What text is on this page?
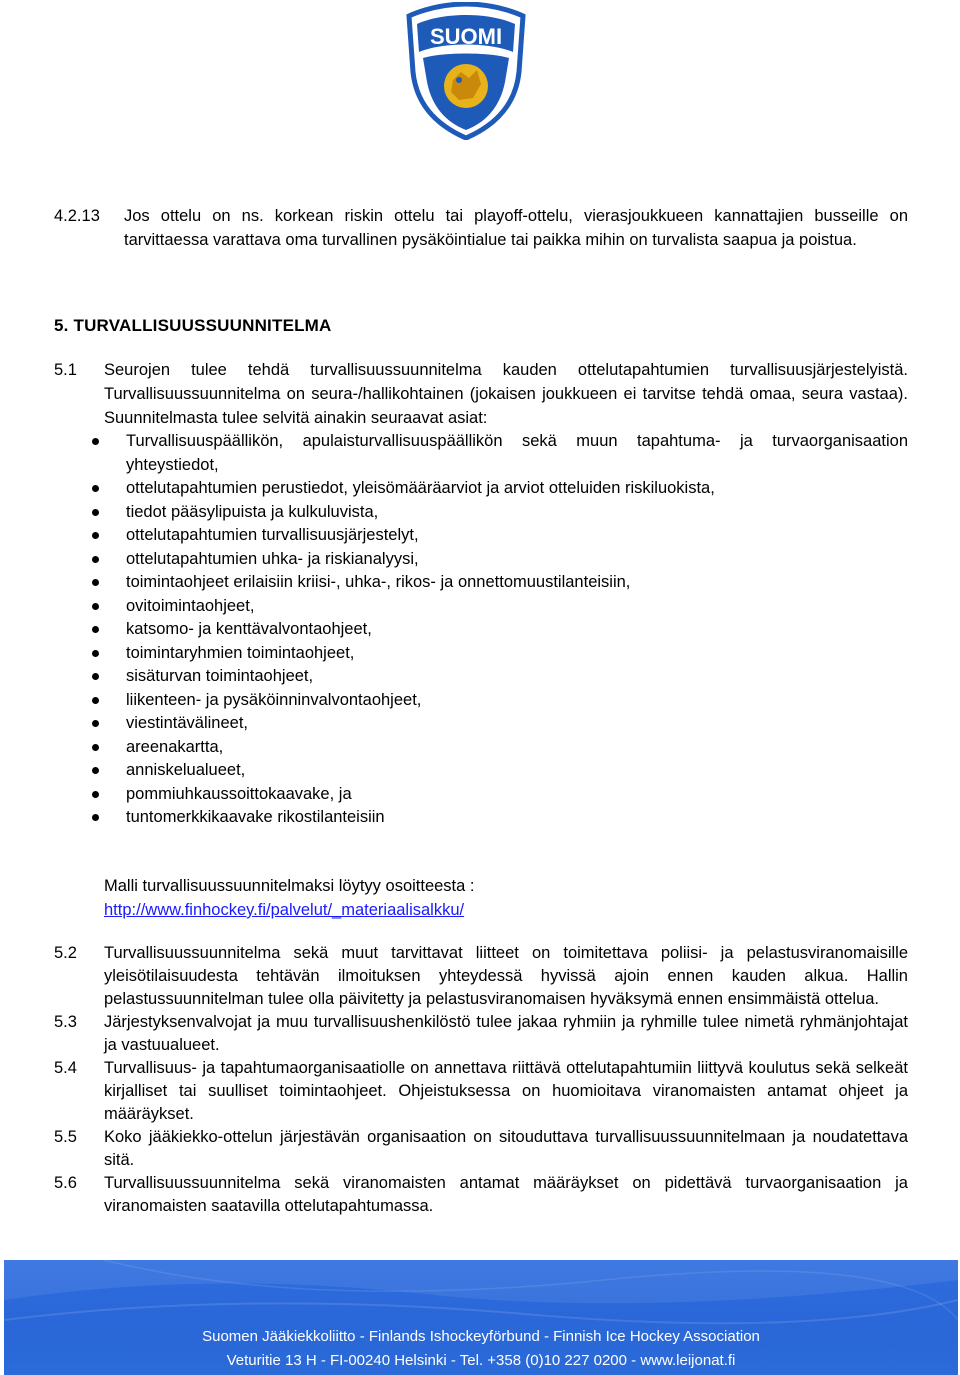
SUOMI
4.2.13	Jos ottelu on ns. korkean riskin ottelu tai playoff-ottelu, vierasjoukkueen kannattajien busseille on tarvittaessa varattava oma turvallinen pysäköintialue tai paikka mihin on turvalista saapua ja poistua.
5. TURVALLISUUSSUUNNITELMA
5.1	Seurojen tulee tehdä turvallisuussuunnitelma kauden ottelutapahtumien turvallisuusjärjestelyistä. Turvallisuussuunnitelma on seura-/hallikohtainen (jokaisen joukkueen ei tarvitse tehdä omaa, seura vastaa). Suunnitelmasta tulee selvitä ainakin seuraavat asiat:
Turvallisuuspäällikön, apulaisturvallisuuspäällikön sekä muun tapahtuma- ja turvaorganisaation yhteystiedot,
ottelutapahtumien perustiedot, yleisömääräarviot ja arviot otteluiden riskiluokista,
tiedot pääsylipuista ja kulkuluvista,
ottelutapahtumien turvallisuusjärjestelyt,
ottelutapahtumien uhka- ja riskianalyysi,
toimintaohjeet erilaisiin kriisi-, uhka-, rikos- ja onnettomuustilanteisiin,
ovitoimintaohjeet,
katsomo- ja kenttävalvontaohjeet,
toimintaryhmien toimintaohjeet,
sisäturvan toimintaohjeet,
liikenteen- ja pysäköinninvalvontaohjeet,
viestintävälineet,
areenakartta,
anniskelualueet,
pommiuhkaussoittokaavake, ja
tuntomerkkikaavake rikostilanteisiin
Malli turvallisuussuunnitelmaksi löytyy osoitteesta :
http://www.finhockey.fi/palvelut/_materiaalisalkku/
5.2	Turvallisuussuunnitelma sekä muut tarvittavat liitteet on toimitettava poliisi- ja pelastusviranomaisille yleisötilaisuudesta tehtävän ilmoituksen yhteydessä hyvissä ajoin ennen kauden alkua. Hallin pelastussuunnitelman tulee olla päivitetty ja pelastusviranomaisen hyväksymä ennen ensimmäistä ottelua.
5.3	Järjestyksenvalvojat ja muu turvallisuushenkilöstö tulee jakaa ryhmiin ja ryhmille tulee nimetä ryhmänjohtajat ja vastuualueet.
5.4	Turvallisuus- ja tapahtumaorganisaatiolle on annettava riittävä ottelutapahtumiin liittyvä koulutus sekä selkeät kirjalliset tai suulliset toimintaohjeet. Ohjeistuksessa on huomioitava viranomaisten antamat ohjeet ja määräykset.
5.5	Koko jääkiekko-ottelun järjestävän organisaation on sitouduttava turvallisuussuunnitelmaan ja noudatettava sitä.
5.6	Turvallisuussuunnitelma sekä viranomaisten antamat määräykset on pidettävä turvaorganisaation ja viranomaisten saatavilla ottelutapahtumassa.
Suomen Jääkiekkoliitto - Finlands Ishockeyförbund - Finnish Ice Hockey Association
Veturitie 13 H - FI-00240 Helsinki - Tel. +358 (0)10 227 0200 - www.leijonat.fi
